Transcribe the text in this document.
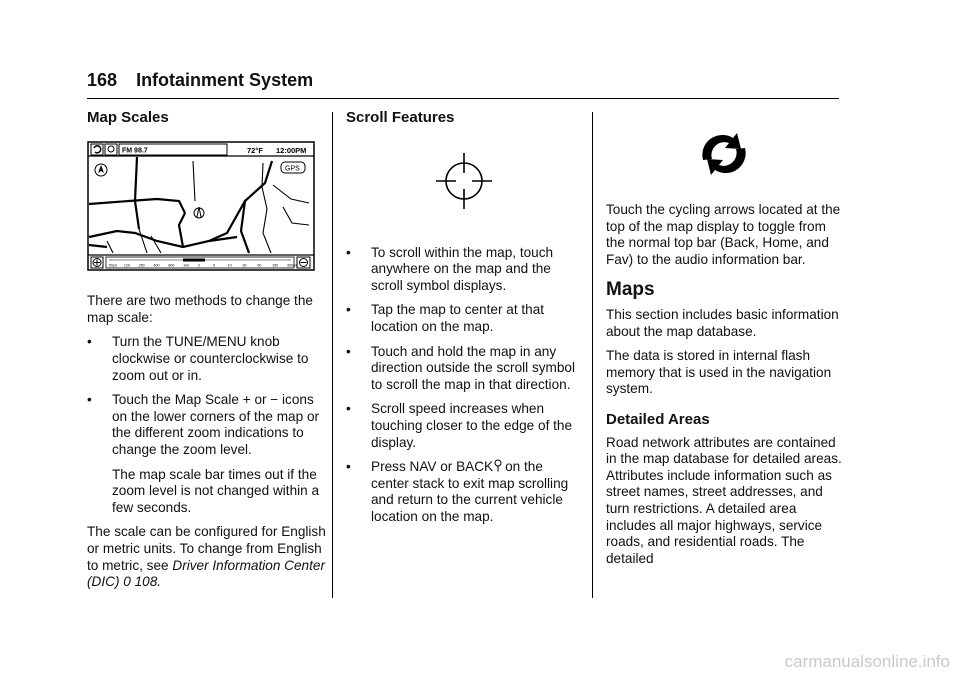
168 Infotainment System
Map Scales
FM 98.7	72°F 12:00PM
GPS
50yd 120 250 400 800 1mi	2	5	10	30	50	150 300mi

There are two methods to change the map scale:

• Turn the TUNE/MENU knob clockwise or counterclockwise to zoom out or in.
• Touch the Map Scale + or − icons on the lower corners of the map or the different zoom indications to change the zoom level.

The map scale bar times out if the zoom level is not changed within a few seconds.

The scale can be configured for English or metric units. To change from English to metric, see Driver Information Center (DIC) 0 108.

Scroll Features
• To scroll within the map, touch anywhere on the map and the scroll symbol displays.
• Tap the map to center at that location on the map.
• Touch and hold the map in any direction outside the scroll symbol to scroll the map in that direction.
• Scroll speed increases when touching closer to the edge of the display.
• Press NAV or BACK on the center stack to exit map scrolling and return to the current vehicle location on the map.

Touch the cycling arrows located at the top of the map display to toggle from the normal top bar (Back, Home, and Fav) to the audio information bar.

Maps

This section includes basic information about the map database.

The data is stored in internal flash memory that is used in the navigation system.

Detailed Areas

Road network attributes are contained in the map database for detailed areas. Attributes include information such as street names, street addresses, and turn restrictions. A detailed area includes all major highways, service roads, and residential roads. The detailed

carmanualsonline.info
